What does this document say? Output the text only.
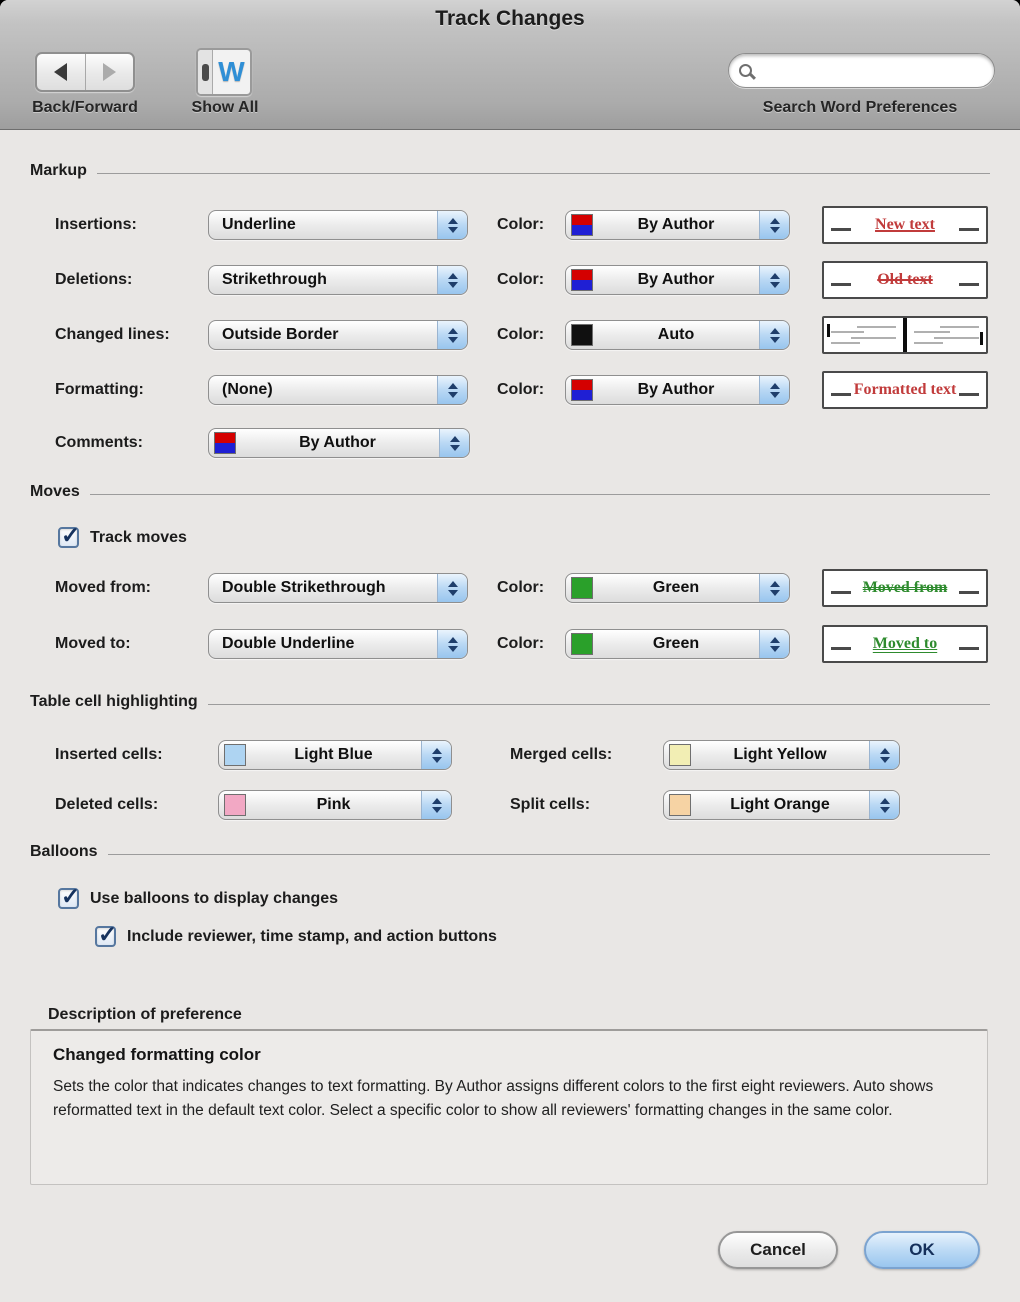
Track Changes
Back/Forward
W
Show All	Search Word Preferences
Markup
Insertions:	Underline	Color:	By Author	New text
Deletions:	Strikethrough	Color:	By Author	Old text
Changed lines:	Outside Border	Color:	Auto
Formatting:	(None)	Color:	By Author	Formatted text
Comments:	By Author
Moves
✓
Track moves
Moved from:	Double Strikethrough	Color:	Green	Moved from
Moved to:	Double Underline	Color:	Green	Moved to
Table cell highlighting
Inserted cells:	Light Blue	Merged cells:	Light Yellow
Deleted cells:	Pink	Split cells:	Light Orange
Balloons
✓
Use balloons to display changes
✓
Include reviewer, time stamp, and action buttons
Description of preference
Changed formatting color
Sets the color that indicates changes to text formatting. By Author assigns different colors to the first eight reviewers. Auto shows reformatted text in the default text color. Select a specific color to show all reviewers' formatting changes in the same color.
Cancel	OK
